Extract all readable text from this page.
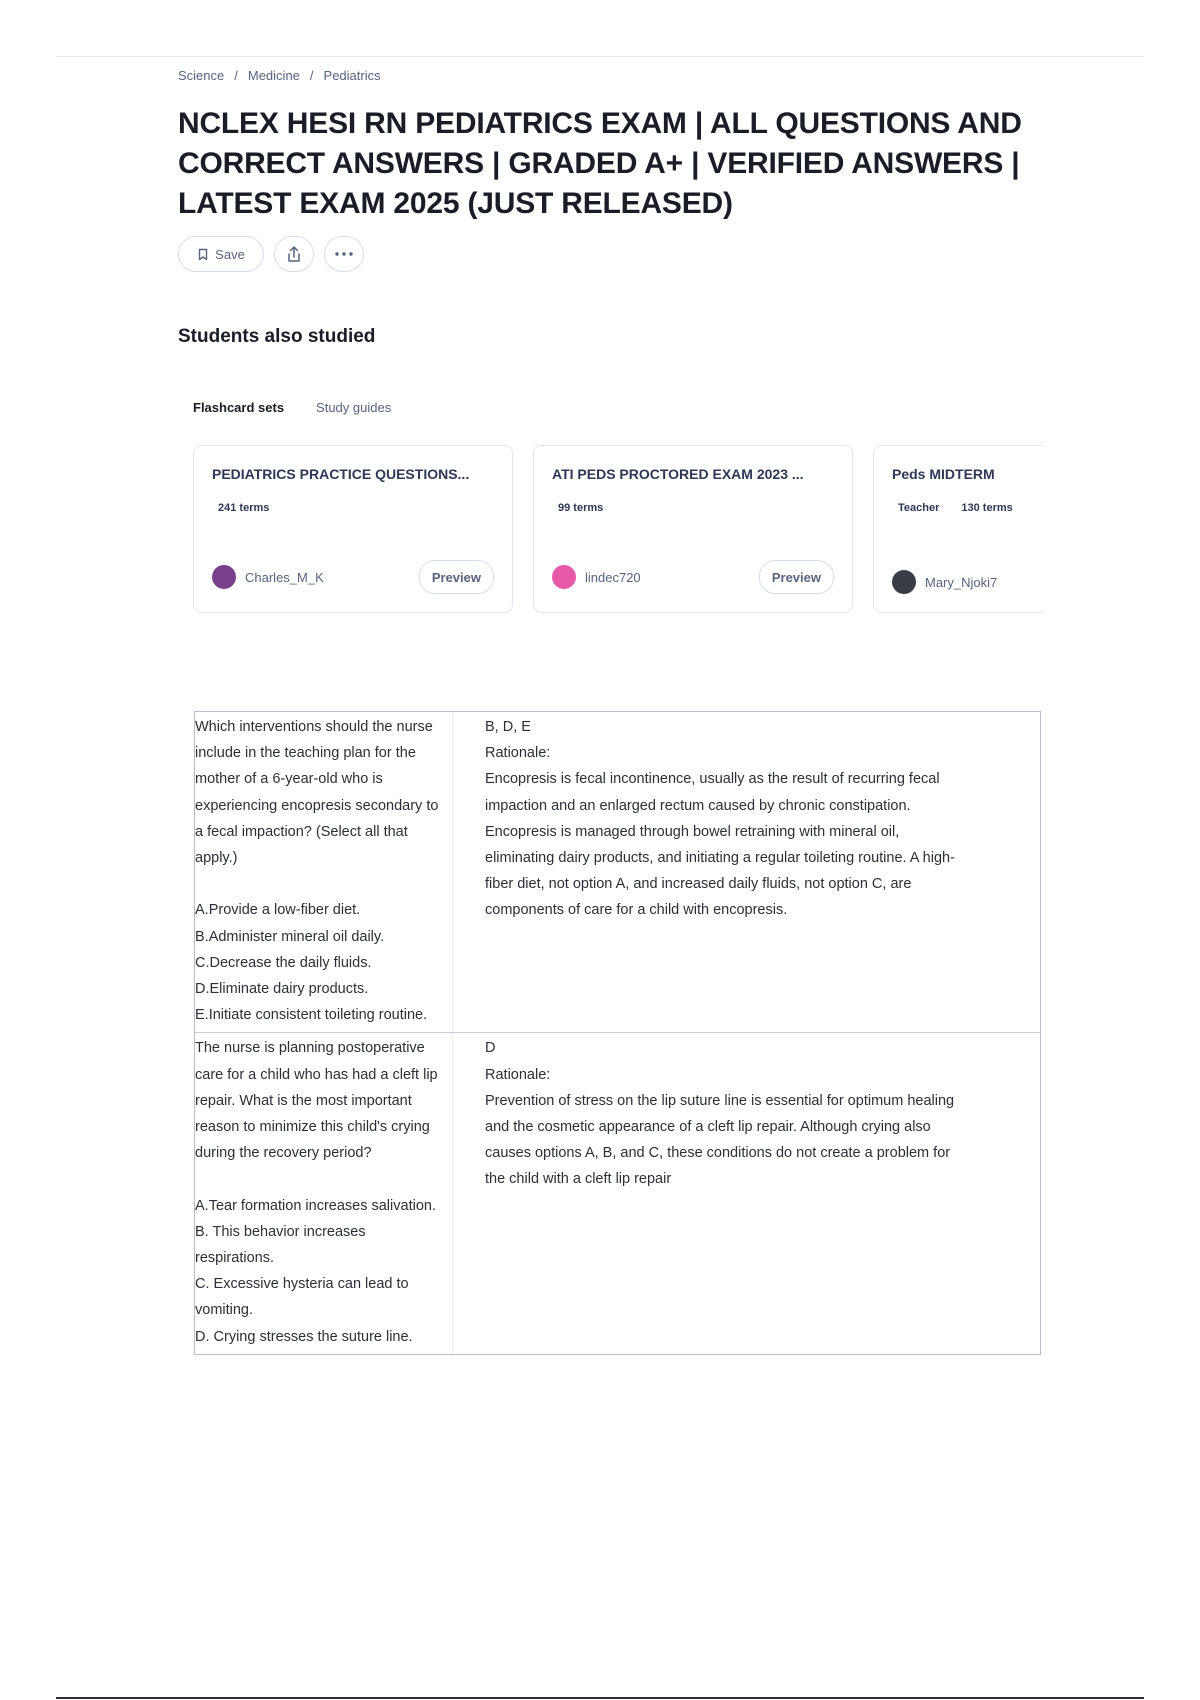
Science / Medicine / Pediatrics
NCLEX HESI RN PEDIATRICS EXAM | ALL QUESTIONS AND CORRECT ANSWERS | GRADED A+ | VERIFIED ANSWERS | LATEST EXAM 2025 (JUST RELEASED)
Save
Students also studied
Flashcard sets Study guides
PEDIATRICS PRACTICE QUESTIONS...
241 terms
Charles_M_K	Preview
ATI PEDS PROCTORED EXAM 2023 ...
99 terms
lindec720	Preview
Peds MIDTERM
Teacher 130 terms
Mary_Njoki7
Which interventions should the nurse include in the teaching plan for the mother of a 6-year-old who is experiencing encopresis secondary to a fecal impaction? (Select all that apply.)

A.Provide a low-fiber diet.
B.Administer mineral oil daily.
C.Decrease the daily fluids.
D.Eliminate dairy products.
E.Initiate consistent toileting routine.
B, D, E
Rationale:
Encopresis is fecal incontinence, usually as the result of recurring fecal impaction and an enlarged rectum caused by chronic constipation. Encopresis is managed through bowel retraining with mineral oil, eliminating dairy products, and initiating a regular toileting routine. A high-fiber diet, not option A, and increased daily fluids, not option C, are components of care for a child with encopresis.
The nurse is planning postoperative care for a child who has had a cleft lip repair. What is the most important reason to minimize this child's crying during the recovery period?

A.Tear formation increases salivation.
B. This behavior increases respirations.
C. Excessive hysteria can lead to vomiting.
D. Crying stresses the suture line.
D
Rationale:
Prevention of stress on the lip suture line is essential for optimum healing and the cosmetic appearance of a cleft lip repair. Although crying also causes options A, B, and C, these conditions do not create a problem for the child with a cleft lip repair
